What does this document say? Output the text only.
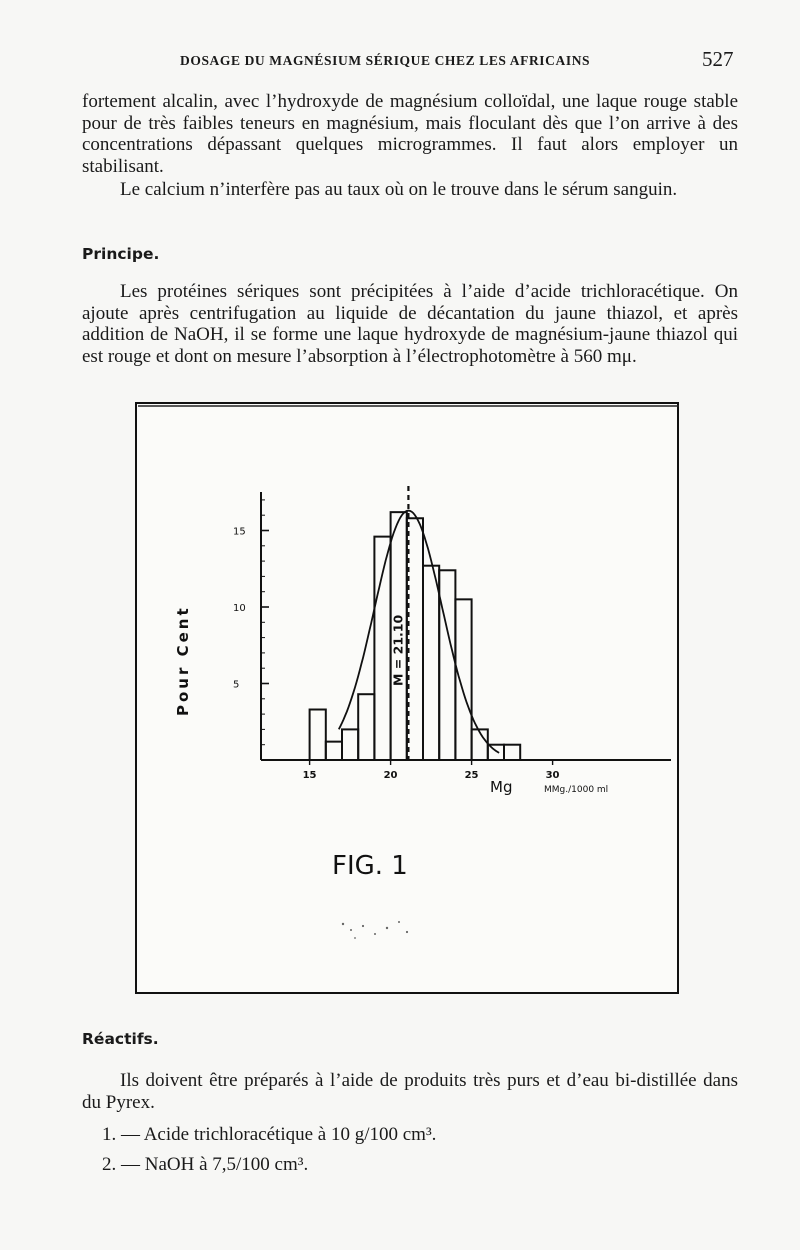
DOSAGE DU MAGNÉSIUM SÉRIQUE CHEZ LES AFRICAINS	527

fortement alcalin, avec l’hydroxyde de magnésium colloïdal, une laque rouge stable pour de très faibles teneurs en magnésium, mais floculant dès que l’on arrive à des concentrations dépassant quelques microgrammes. Il faut alors employer un stabilisant.

Le calcium n’interfère pas au taux où on le trouve dans le sérum sanguin.

Principe.

Les protéines sériques sont précipitées à l’aide d’acide trichloracétique. On ajoute après centrifugation au liquide de décantation du jaune thiazol, et après addition de NaOH, il se forme une laque hydroxyde de magnésium-jaune thiazol qui est rouge et dont on mesure l’absorption à l’électrophotomètre à 560 mμ.

5
10
15
15	20	25	30
M = 21.10
Pour Cent
Mg	MMg./1000 ml
FIG. 1
Réactifs.

Ils doivent être préparés à l’aide de produits très purs et d’eau bi-distillée dans du Pyrex.

1. — Acide trichloracétique à 10 g/100 cm³.
2. — NaOH à 7,5/100 cm³.
